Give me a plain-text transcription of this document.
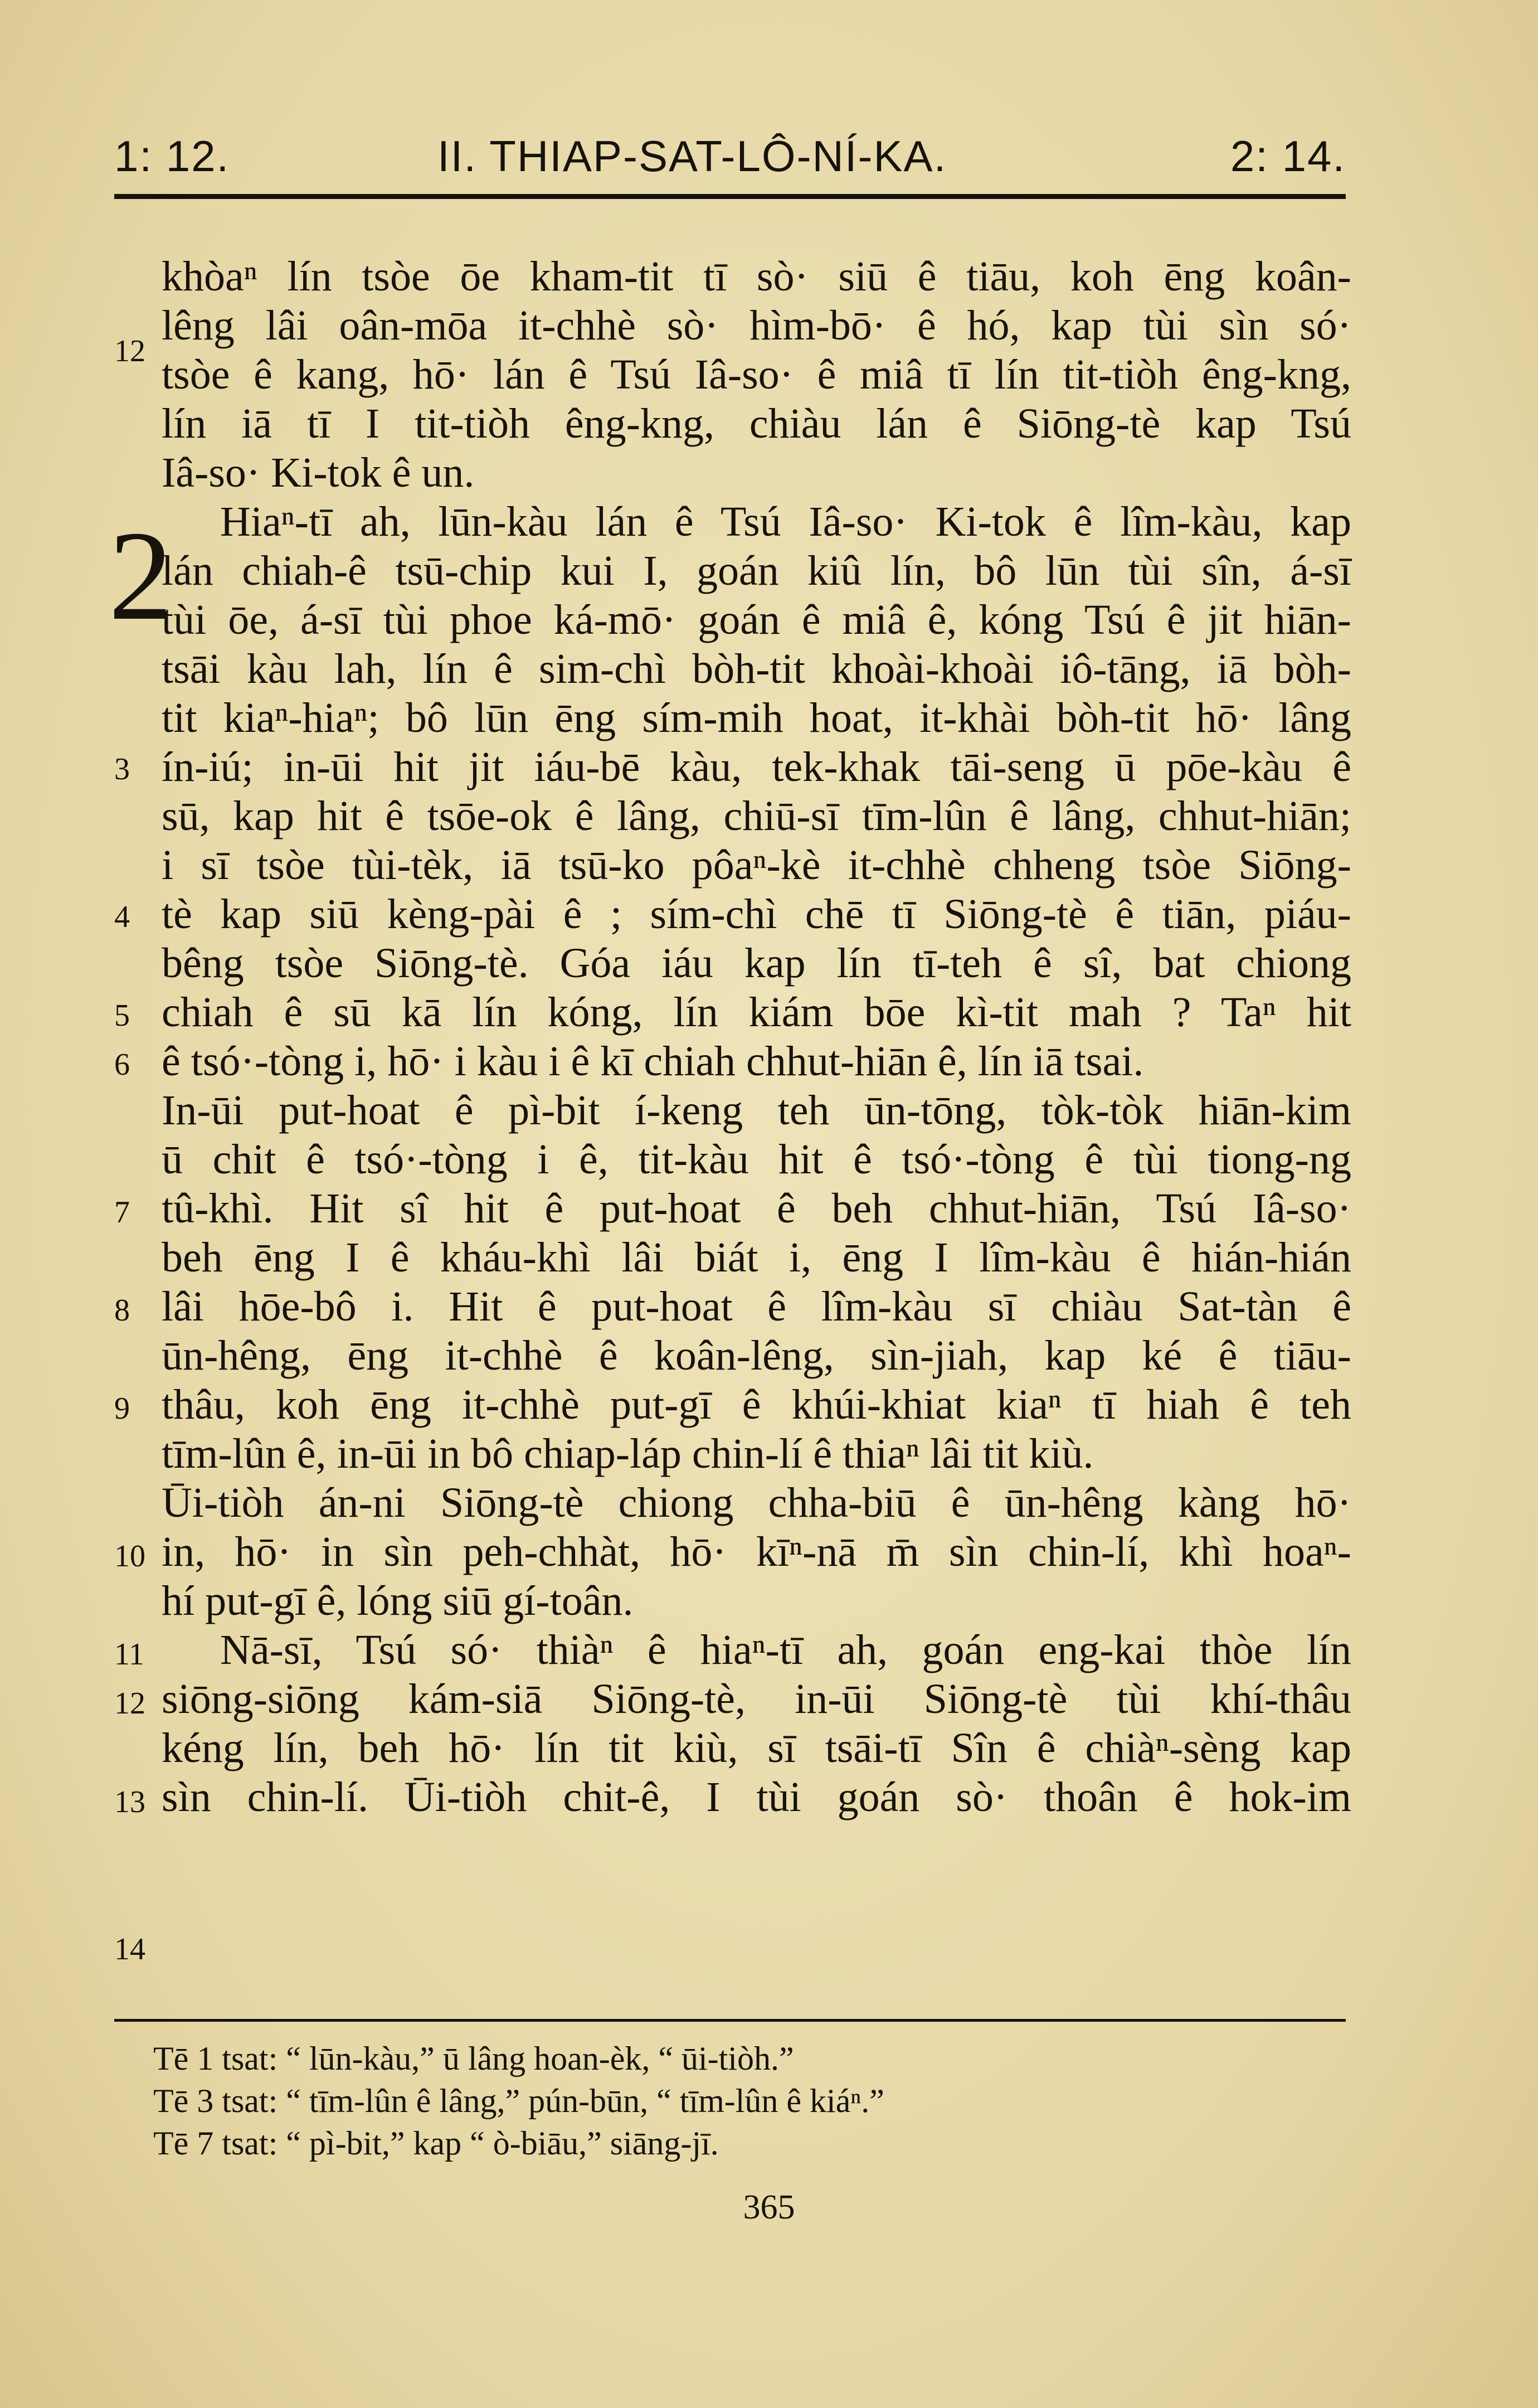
1: 12.	II. THIAP-SAT-LÔ-NÍ-KA.	2: 14.
2
12
3
4
5
6
7
8
9
10
11
12
13
14
khòaⁿ lín tsòe ōe kham-tit tī sò· siū ê tiāu, koh ēng koân-
lêng lâi oân-mōa it-chhè sò· hìm-bō· ê hó, kap tùi sìn só·
tsòe ê kang, hō· lán ê Tsú Iâ-so· ê miâ tī lín tit-tiòh êng-kng,
lín iā tī I tit-tiòh êng-kng, chiàu lán ê Siōng-tè kap Tsú
Iâ-so· Ki-tok ê un.
Hiaⁿ-tī ah, lūn-kàu lán ê Tsú Iâ-so· Ki-tok ê lîm-kàu, kap
lán chiah-ê tsū-chip kui I, goán kiû lín, bô lūn tùi sîn, á-sī
tùi ōe, á-sī tùi phoe ká-mō· goán ê miâ ê, kóng Tsú ê jit hiān-
tsāi kàu lah, lín ê sim-chì bòh-tit khoài-khoài iô-tāng, iā bòh-
tit kiaⁿ-hiaⁿ; bô lūn ēng sím-mih hoat, it-khài bòh-tit hō· lâng
ín-iú; in-ūi hit jit iáu-bē kàu, tek-khak tāi-seng ū pōe-kàu ê
sū, kap hit ê tsōe-ok ê lâng, chiū-sī tīm-lûn ê lâng, chhut-hiān;
i sī tsòe tùi-tèk, iā tsū-ko pôaⁿ-kè it-chhè chheng tsòe Siōng-
tè kap siū kèng-pài ê ; sím-chì chē tī Siōng-tè ê tiān, piáu-
bêng tsòe Siōng-tè. Góa iáu kap lín tī-teh ê sî, bat chiong
chiah ê sū kā lín kóng, lín kiám bōe kì-tit mah ? Taⁿ hit
ê tsó·-tòng i, hō· i kàu i ê kī chiah chhut-hiān ê, lín iā tsai.
In-ūi put-hoat ê pì-bit í-keng teh ūn-tōng, tòk-tòk hiān-kim
ū chit ê tsó·-tòng i ê, tit-kàu hit ê tsó·-tòng ê tùi tiong-ng
tû-khì. Hit sî hit ê put-hoat ê beh chhut-hiān, Tsú Iâ-so·
beh ēng I ê kháu-khì lâi biát i, ēng I lîm-kàu ê hián-hián
lâi hōe-bô i. Hit ê put-hoat ê lîm-kàu sī chiàu Sat-tàn ê
ūn-hêng, ēng it-chhè ê koân-lêng, sìn-jiah, kap ké ê tiāu-
thâu, koh ēng it-chhè put-gī ê khúi-khiat kiaⁿ tī hiah ê teh
tīm-lûn ê, in-ūi in bô chiap-láp chin-lí ê thiaⁿ lâi tit kiù.
Ūi-tiòh án-ni Siōng-tè chiong chha-biū ê ūn-hêng kàng hō·
in, hō· in sìn peh-chhàt, hō· kīⁿ-nā m̄ sìn chin-lí, khì hoaⁿ-
hí put-gī ê, lóng siū gí-toân.
Nā-sī, Tsú só· thiàⁿ ê hiaⁿ-tī ah, goán eng-kai thòe lín
siōng-siōng kám-siā Siōng-tè, in-ūi Siōng-tè tùi khí-thâu
kéng lín, beh hō· lín tit kiù, sī tsāi-tī Sîn ê chiàⁿ-sèng kap
sìn chin-lí. Ūi-tiòh chit-ê, I tùi goán sò· thoân ê hok-im
Tē 1 tsat: “ lūn-kàu,” ū lâng hoan-èk, “ ūi-tiòh.”
Tē 3 tsat: “ tīm-lûn ê lâng,” pún-būn, “ tīm-lûn ê kiáⁿ.”
Tē 7 tsat: “ pì-bit,” kap “ ò-biāu,” siāng-jī.
365
